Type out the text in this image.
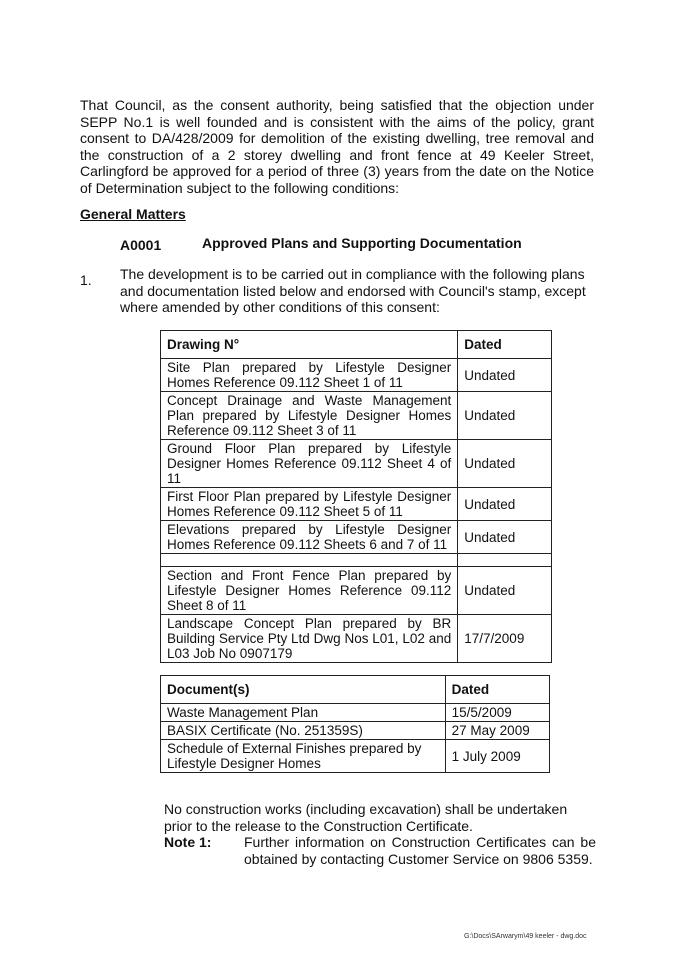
That Council, as the consent authority, being satisfied that the objection under SEPP No.1 is well founded and is consistent with the aims of the policy, grant consent to DA/428/2009 for demolition of the existing dwelling, tree removal and the construction of a 2 storey dwelling and front fence at 49 Keeler Street, Carlingford be approved for a period of three (3) years from the date on the Notice of Determination subject to the following conditions:
General Matters
A0001	Approved Plans and Supporting Documentation
1. The development is to be carried out in compliance with the following plans and documentation listed below and endorsed with Council's stamp, except where amended by other conditions of this consent:
Drawing N°	Dated
Site Plan prepared by Lifestyle Designer Homes Reference 09.112 Sheet 1 of 11	Undated
Concept Drainage and Waste Management Plan prepared by Lifestyle Designer Homes Reference 09.112 Sheet 3 of 11	Undated
Ground Floor Plan prepared by Lifestyle Designer Homes Reference 09.112 Sheet 4 of 11	Undated
First Floor Plan prepared by Lifestyle Designer Homes Reference 09.112 Sheet 5 of 11	Undated
Elevations prepared by Lifestyle Designer Homes Reference 09.112 Sheets 6 and 7 of 11	Undated

Section and Front Fence Plan prepared by Lifestyle Designer Homes Reference 09.112 Sheet 8 of 11	Undated
Landscape Concept Plan prepared by BR Building Service Pty Ltd Dwg Nos L01, L02 and L03 Job No 0907179	17/7/2009
Document(s)	Dated
Waste Management Plan	15/5/2009
BASIX Certificate (No. 251359S)	27 May 2009
Schedule of External Finishes prepared by Lifestyle Designer Homes	1 July 2009
No construction works (including excavation) shall be undertaken prior to the release to the Construction Certificate.
Note 1: Further information on Construction Certificates can be obtained by contacting Customer Service on 9806 5359.
G:\Docs\SArwarym\49 keeler - dwg.doc
